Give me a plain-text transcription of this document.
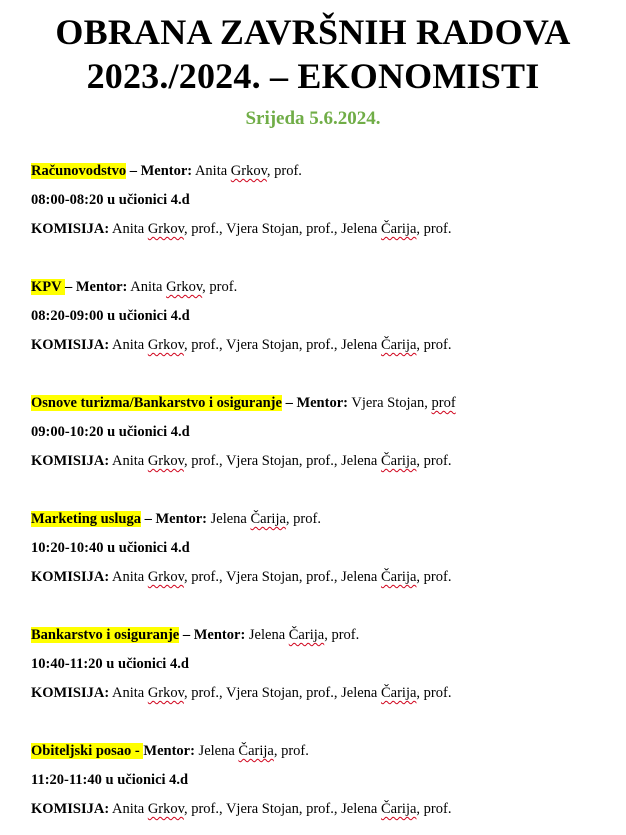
OBRANA ZAVRŠNIH RADOVA
2023./2024. – EKONOMISTI
Srijeda 5.6.2024.
Računovodstvo – Mentor: Anita Grkov, prof.
08:00-08:20 u učionici 4.d
KOMISIJA: Anita Grkov, prof., Vjera Stojan, prof., Jelena Čarija, prof.
KPV – Mentor: Anita Grkov, prof.
08:20-09:00 u učionici 4.d
KOMISIJA: Anita Grkov, prof., Vjera Stojan, prof., Jelena Čarija, prof.
Osnove turizma/Bankarstvo i osiguranje – Mentor: Vjera Stojan, prof
09:00-10:20 u učionici 4.d
KOMISIJA: Anita Grkov, prof., Vjera Stojan, prof., Jelena Čarija, prof.
Marketing usluga – Mentor: Jelena Čarija, prof.
10:20-10:40 u učionici 4.d
KOMISIJA: Anita Grkov, prof., Vjera Stojan, prof., Jelena Čarija, prof.
Bankarstvo i osiguranje – Mentor: Jelena Čarija, prof.
10:40-11:20 u učionici 4.d
KOMISIJA: Anita Grkov, prof., Vjera Stojan, prof., Jelena Čarija, prof.
Obiteljski posao - Mentor: Jelena Čarija, prof.
11:20-11:40 u učionici 4.d
KOMISIJA: Anita Grkov, prof., Vjera Stojan, prof., Jelena Čarija, prof.
